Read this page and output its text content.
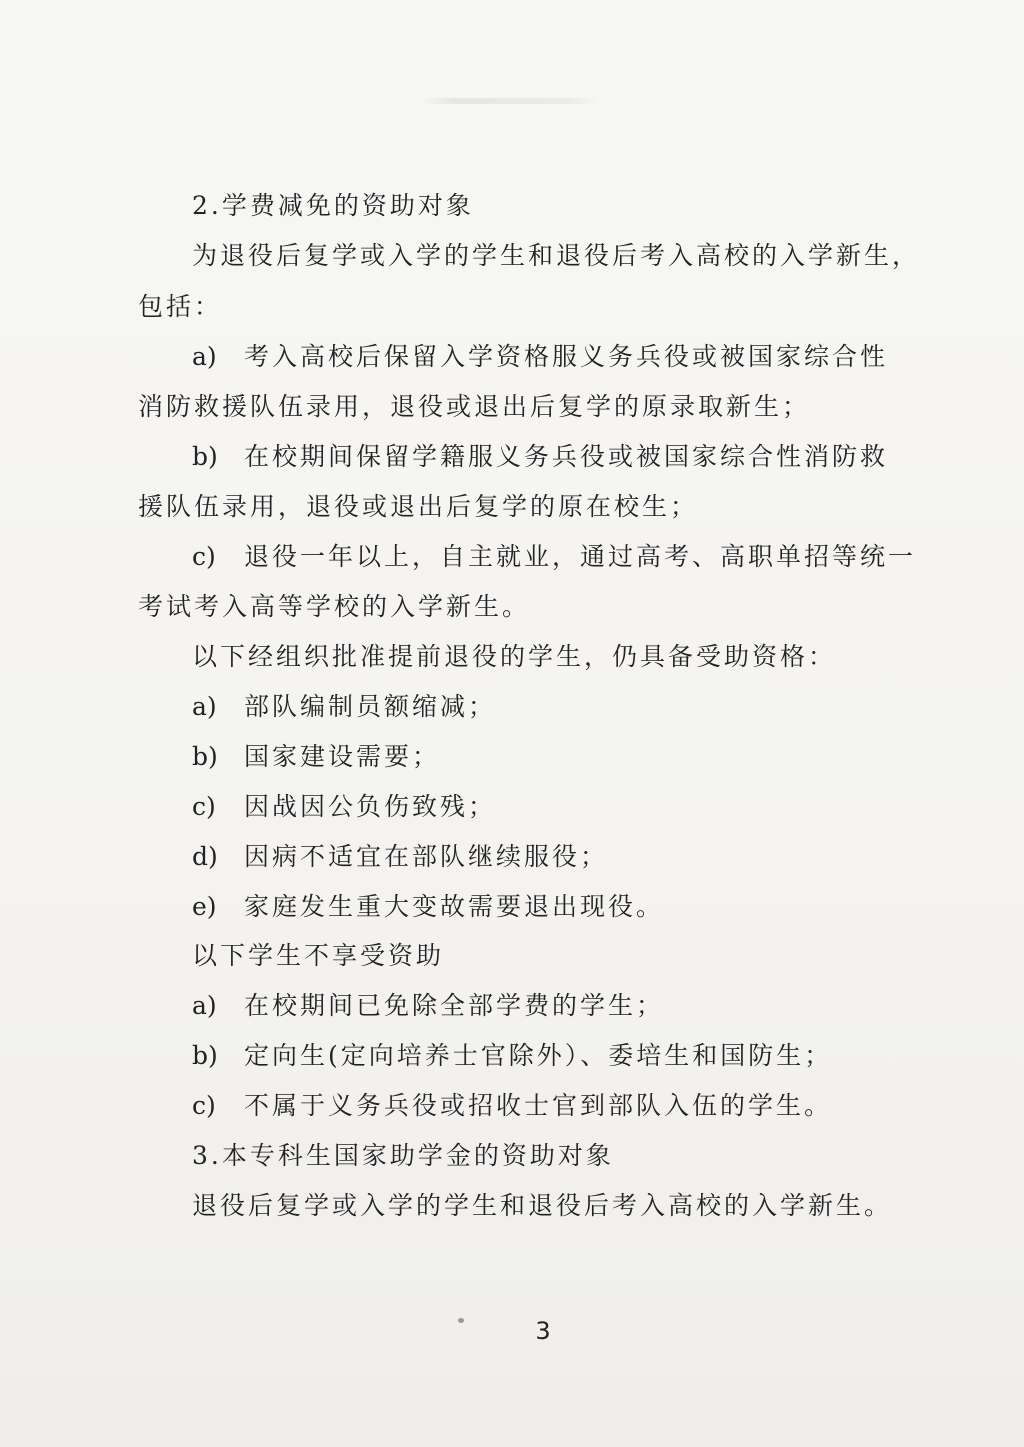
2.学费减免的资助对象
为退役后复学或入学的学生和退役后考入高校的入学新生，
包括：
a) 考入高校后保留入学资格服义务兵役或被国家综合性
消防救援队伍录用，退役或退出后复学的原录取新生；
b) 在校期间保留学籍服义务兵役或被国家综合性消防救
援队伍录用，退役或退出后复学的原在校生；
c) 退役一年以上，自主就业，通过高考、高职单招等统一
考试考入高等学校的入学新生。
以下经组织批准提前退役的学生，仍具备受助资格：
a) 部队编制员额缩减；
b) 国家建设需要；
c) 因战因公负伤致残；
d) 因病不适宜在部队继续服役；
e) 家庭发生重大变故需要退出现役。
以下学生不享受资助
a) 在校期间已免除全部学费的学生；
b) 定向生(定向培养士官除外）、委培生和国防生；
c) 不属于义务兵役或招收士官到部队入伍的学生。
3.本专科生国家助学金的资助对象
退役后复学或入学的学生和退役后考入高校的入学新生。
3
